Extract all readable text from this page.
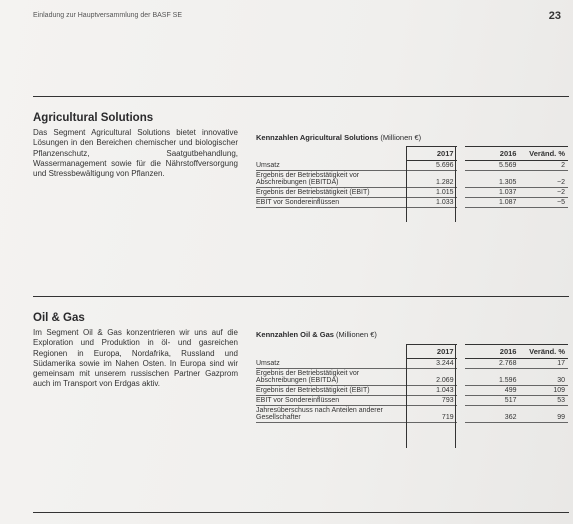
Einladung zur Hauptversammlung der BASF SE	23
Agricultural Solutions
Das Segment Agricultural Solutions bietet innovative Lösungen in den Bereichen chemischer und biologischer Pflanzenschutz, Saatgutbehandlung, Wassermanagement sowie für die Nährstoffversorgung und Stressbewältigung von Pflanzen.
Kennzahlen Agricultural Solutions (Millionen €)
	2017		2016	Veränd. %
Umsatz	5.696		5.569	2
Ergebnis der Betriebstätigkeit vor Abschreibungen (EBITDA)	1.282		1.305	−2
Ergebnis der Betriebstätigkeit (EBIT)	1.015		1.037	−2
EBIT vor Sondereinflüssen	1.033		1.087	−5
Oil & Gas
Im Segment Oil & Gas konzentrieren wir uns auf die Exploration und Produktion in öl- und gasreichen Regionen in Europa, Nordafrika, Russland und Südamerika sowie im Nahen Osten. In Europa sind wir gemeinsam mit unserem russischen Partner Gazprom auch im Transport von Erdgas aktiv.
Kennzahlen Oil & Gas (Millionen €)
	2017		2016	Veränd. %
Umsatz	3.244		2.768	17
Ergebnis der Betriebstätigkeit vor Abschreibungen (EBITDA)	2.069		1.596	30
Ergebnis der Betriebstätigkeit (EBIT)	1.043		499	109
EBIT vor Sondereinflüssen	793		517	53
Jahresüberschuss nach Anteilen anderer Gesellschafter	719		362	99
